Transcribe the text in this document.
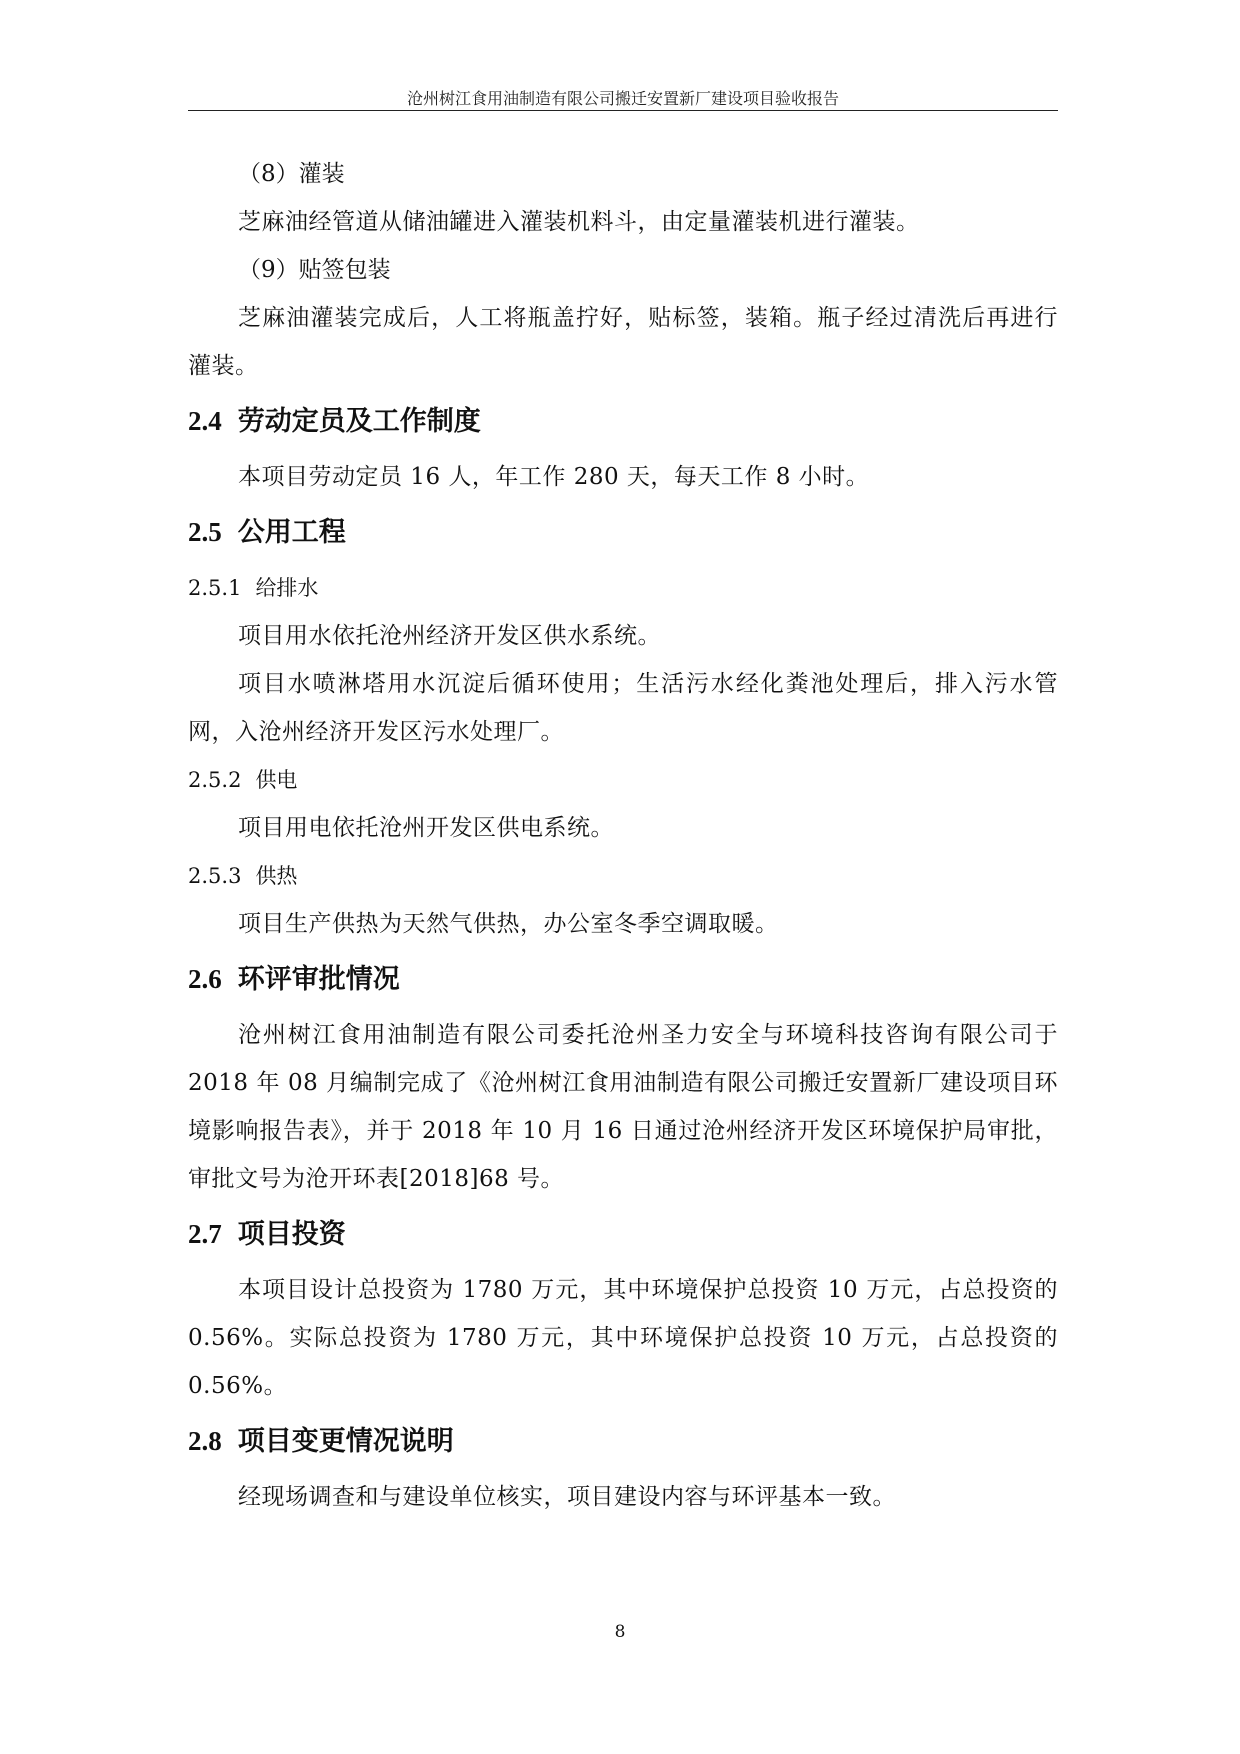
沧州树江食用油制造有限公司搬迁安置新厂建设项目验收报告

（8）灌装

芝麻油经管道从储油罐进入灌装机料斗，由定量灌装机进行灌装。

（9）贴签包装

芝麻油灌装完成后，人工将瓶盖拧好，贴标签，装箱。瓶子经过清洗后再进行灌装。

2.4 劳动定员及工作制度

本项目劳动定员 16 人，年工作 280 天，每天工作 8 小时。

2.5 公用工程

2.5.1 给排水

项目用水依托沧州经济开发区供水系统。

项目水喷淋塔用水沉淀后循环使用；生活污水经化粪池处理后，排入污水管网，入沧州经济开发区污水处理厂。

2.5.2 供电

项目用电依托沧州开发区供电系统。

2.5.3 供热

项目生产供热为天然气供热，办公室冬季空调取暖。

2.6 环评审批情况

沧州树江食用油制造有限公司委托沧州圣力安全与环境科技咨询有限公司于 2018 年 08 月编制完成了《沧州树江食用油制造有限公司搬迁安置新厂建设项目环境影响报告表》，并于 2018 年 10 月 16 日通过沧州经济开发区环境保护局审批，审批文号为沧开环表[2018]68 号。

2.7 项目投资

本项目设计总投资为 1780 万元，其中环境保护总投资 10 万元，占总投资的 0.56%。实际总投资为 1780 万元，其中环境保护总投资 10 万元，占总投资的 0.56%。

2.8 项目变更情况说明

经现场调查和与建设单位核实，项目建设内容与环评基本一致。

8
